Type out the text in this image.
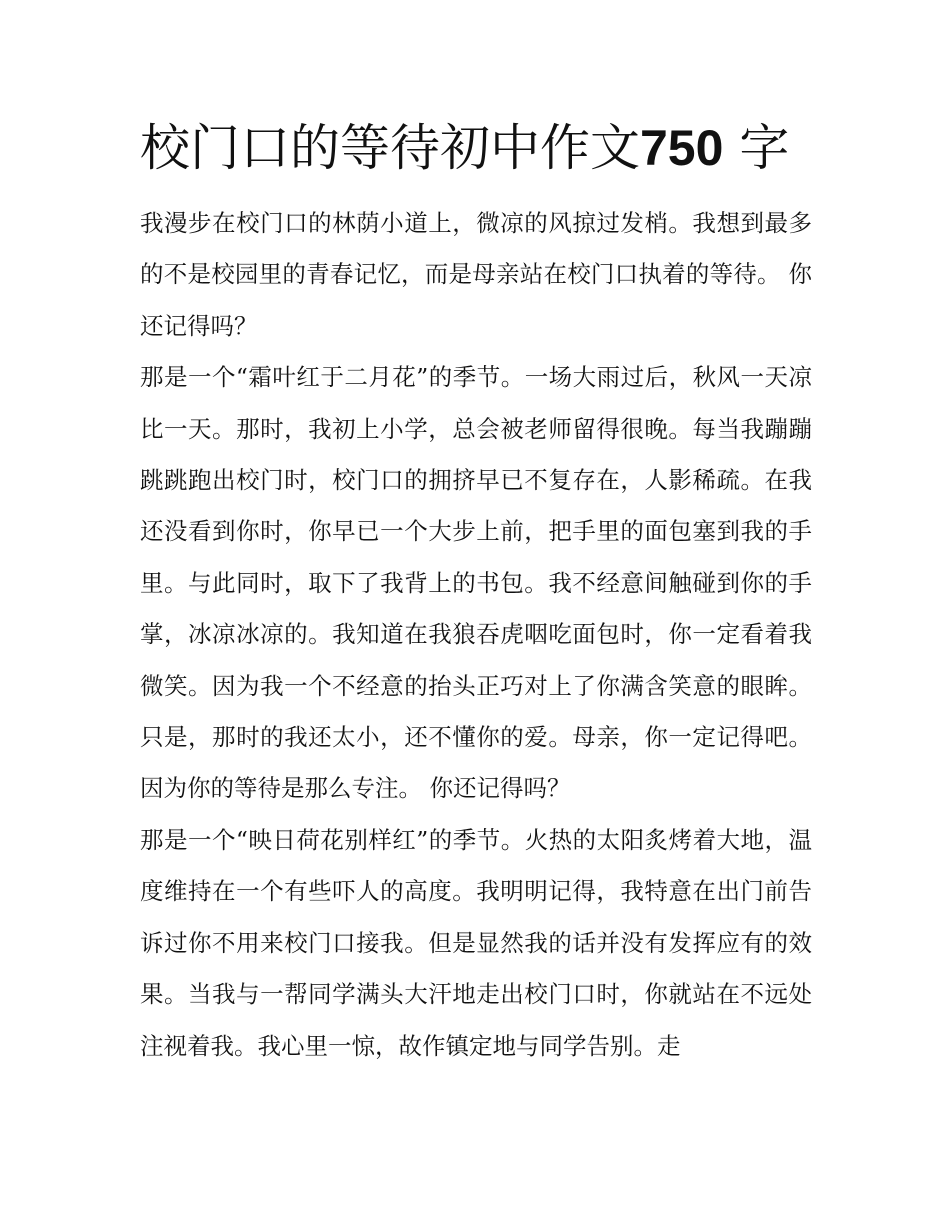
校门口的等待初中作文750 字

我漫步在校门口的林荫小道上，微凉的风掠过发梢。我想到最多的不是校园里的青春记忆，而是母亲站在校门口执着的等待。 你还记得吗？

那是一个“霜叶红于二月花”的季节。一场大雨过后，秋风一天凉比一天。那时，我初上小学，总会被老师留得很晚。每当我蹦蹦跳跳跑出校门时，校门口的拥挤早已不复存在，人影稀疏。在我还没看到你时，你早已一个大步上前，把手里的面包塞到我的手里。与此同时，取下了我背上的书包。我不经意间触碰到你的手掌，冰凉冰凉的。我知道在我狼吞虎咽吃面包时，你一定看着我微笑。因为我一个不经意的抬头正巧对上了你满含笑意的眼眸。只是，那时的我还太小，还不懂你的爱。母亲，你一定记得吧。因为你的等待是那么专注。 你还记得吗？

那是一个“映日荷花别样红”的季节。火热的太阳炙烤着大地，温度维持在一个有些吓人的高度。我明明记得，我特意在出门前告诉过你不用来校门口接我。但是显然我的话并没有发挥应有的效果。当我与一帮同学满头大汗地走出校门口时，你就站在不远处注视着我。我心里一惊，故作镇定地与同学告别。走
